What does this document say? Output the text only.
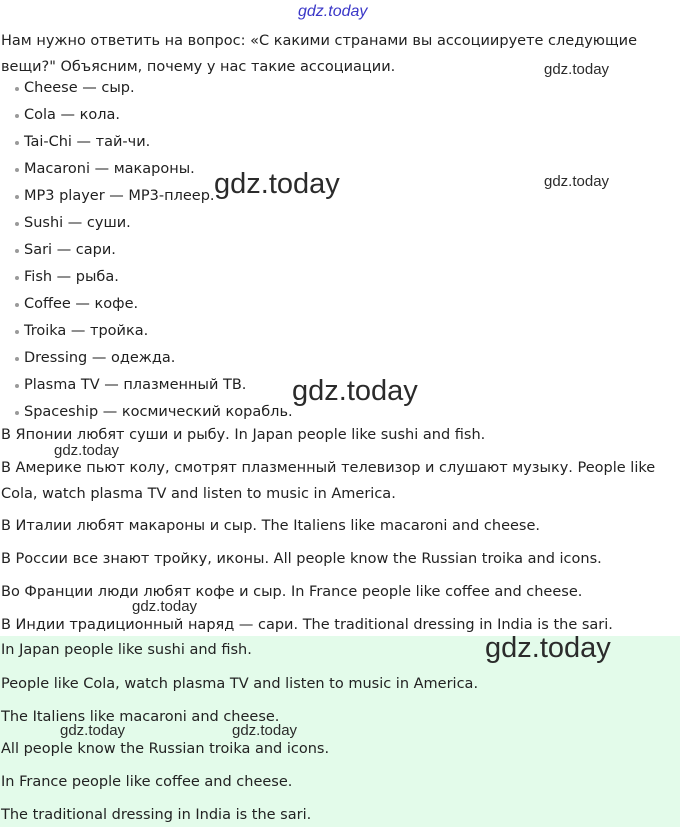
Нам нужно ответить на вопрос: «С какими странами вы ассоциируете следующие вещи?" Объясним, почему у нас такие ассоциации.

Cheese — сыр.
Cola — кола.
Tai-Chi — тай-чи.
Macaroni — макароны.
MP3 player — MP3-плеер.
Sushi — суши.
Sari — сари.
Fish — рыба.
Coffee — кофе.
Troika — тройка.
Dressing — одежда.
Plasma TV — плазменный ТВ.
Spaceship — космический корабль.

В Японии любят суши и рыбу. In Japan people like sushi and fish.

В Америке пьют колу, смотрят плазменный телевизор и слушают музыку. People like Cola, watch plasma TV and listen to music in America.

В Италии любят макароны и сыр. The Italiens like macaroni and cheese.

В России все знают тройку, иконы. All people know the Russian troika and icons.

Во Франции люди любят кофе и сыр. In France people like coffee and cheese.

В Индии традиционный наряд — сари. The traditional dressing in India is the sari.

In Japan people like sushi and fish.
People like Cola, watch plasma TV and listen to music in America.
The Italiens like macaroni and cheese.
All people know the Russian troika and icons.
In France people like coffee and cheese.
The traditional dressing in India is the sari.
gdz.today
gdz.today
gdz.today
gdz.today
gdz.today
gdz.today
gdz.today
gdz.today
gdz.today	gdz.today
